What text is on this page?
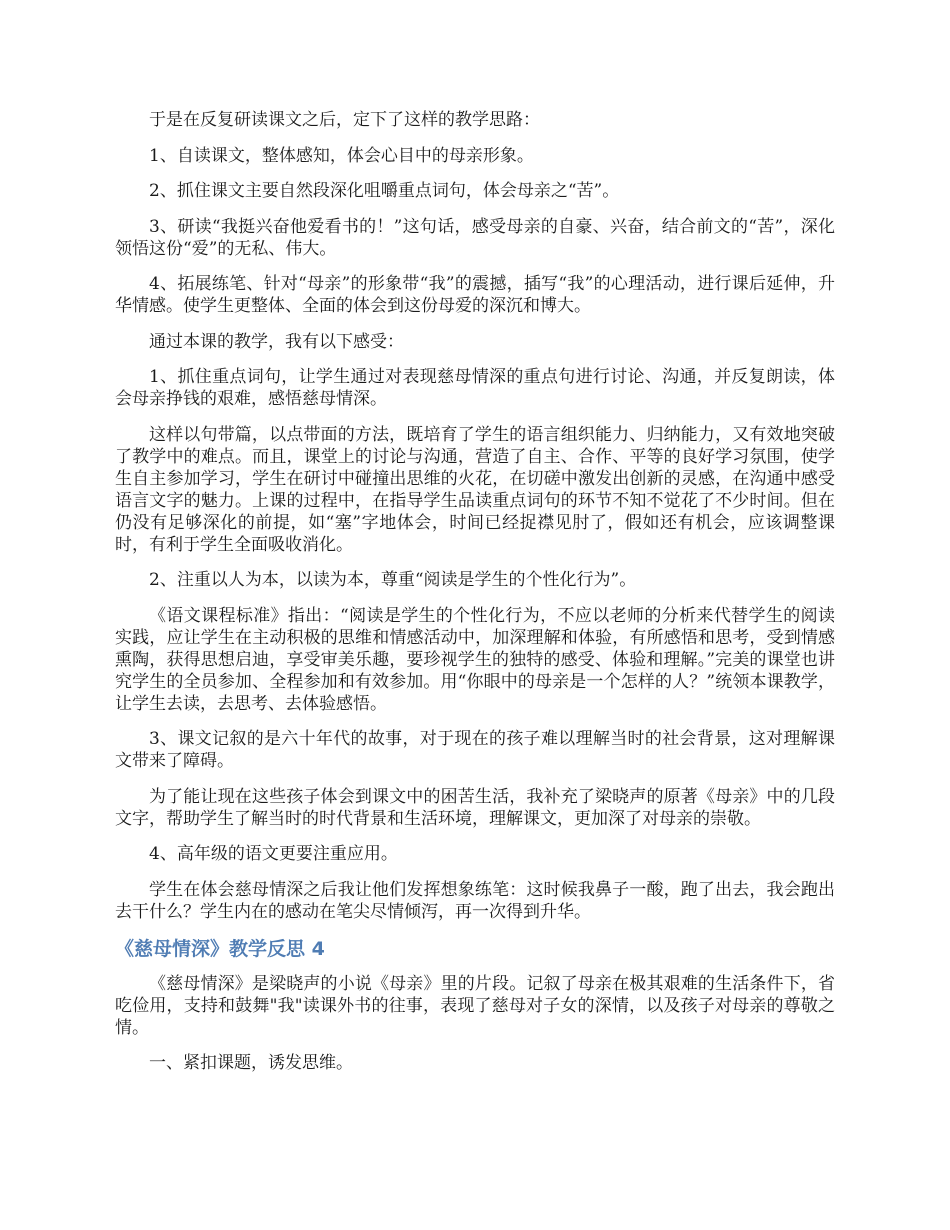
于是在反复研读课文之后，定下了这样的教学思路：

1、自读课文，整体感知，体会心目中的母亲形象。

2、抓住课文主要自然段深化咀嚼重点词句，体会母亲之“苦”。

3、研读“我挺兴奋他爱看书的！”这句话，感受母亲的自豪、兴奋，结合前文的“苦”，深化领悟这份“爱”的无私、伟大。

4、拓展练笔、针对“母亲”的形象带“我”的震撼，插写“我”的心理活动，进行课后延伸，升华情感。使学生更整体、全面的体会到这份母爱的深沉和博大。

通过本课的教学，我有以下感受：

1、抓住重点词句，让学生通过对表现慈母情深的重点句进行讨论、沟通，并反复朗读，体会母亲挣钱的艰难，感悟慈母情深。

这样以句带篇，以点带面的方法，既培育了学生的语言组织能力、归纳能力，又有效地突破了教学中的难点。而且，课堂上的讨论与沟通，营造了自主、合作、平等的良好学习氛围，使学生自主参加学习，学生在研讨中碰撞出思维的火花，在切磋中激发出创新的灵感，在沟通中感受语言文字的魅力。上课的过程中，在指导学生品读重点词句的环节不知不觉花了不少时间。但在仍没有足够深化的前提，如“塞”字地体会，时间已经捉襟见肘了，假如还有机会，应该调整课时，有利于学生全面吸收消化。

2、注重以人为本，以读为本，尊重“阅读是学生的个性化行为”。

《语文课程标准》指出：“阅读是学生的个性化行为，不应以老师的分析来代替学生的阅读实践，应让学生在主动积极的思维和情感活动中，加深理解和体验，有所感悟和思考，受到情感熏陶，获得思想启迪，享受审美乐趣，要珍视学生的独特的感受、体验和理解。”完美的课堂也讲究学生的全员参加、全程参加和有效参加。用“你眼中的母亲是一个怎样的人？”统领本课教学，让学生去读，去思考、去体验感悟。

3、课文记叙的是六十年代的故事，对于现在的孩子难以理解当时的社会背景，这对理解课文带来了障碍。

为了能让现在这些孩子体会到课文中的困苦生活，我补充了梁晓声的原著《母亲》中的几段文字，帮助学生了解当时的时代背景和生活环境，理解课文，更加深了对母亲的崇敬。

4、高年级的语文更要注重应用。

学生在体会慈母情深之后我让他们发挥想象练笔：这时候我鼻子一酸，跑了出去，我会跑出去干什么？学生内在的感动在笔尖尽情倾泻，再一次得到升华。

《慈母情深》教学反思 4

《慈母情深》是梁晓声的小说《母亲》里的片段。记叙了母亲在极其艰难的生活条件下，省吃俭用，支持和鼓舞"我"读课外书的往事，表现了慈母对子女的深情，以及孩子对母亲的尊敬之情。

一、紧扣课题，诱发思维。
